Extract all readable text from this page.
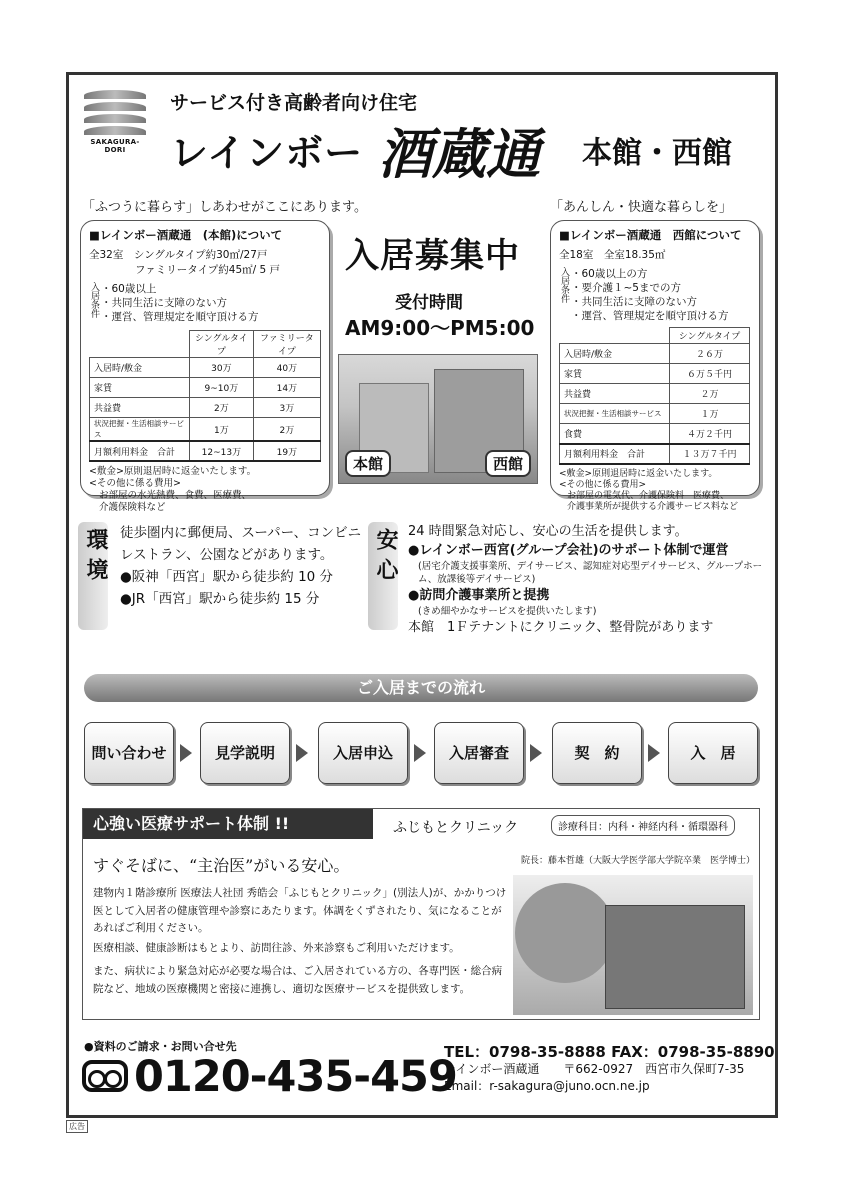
SAKAGURA-DORI
サービス付き高齢者向け住宅
レインボー 酒蔵通 本館・西館
「ふつうに暮らす」しあわせがここにあります。	「あんしん・快適な暮らしを」
■レインボー酒蔵通　(本館)について
全32室　シングルタイプ約30㎡/27戸
ファミリータイプ約45㎡/ 5 戸
入居条件 ・60歳以上
・共同生活に支障のない方
・運営、管理規定を順守頂ける方
	シングルタイプ	ファミリータイプ
入居時/敷金	30万	40万
家賃	9~10万	14万
共益費	2万	3万
状況把握・生活相談サービス	1万	2万
月額利用料金　合計	12~13万	19万
<敷金>原則退居時に返金いたします。
<その他に係る費用>
お部屋の水光熱費、食費、医療費、
介護保険料など
入居募集中
受付時間
AM9:00～PM5:00
本館	西館
■レインボー酒蔵通　西館について
全18室　全室18.35㎡
入居条件 ・60歳以上の方
・要介護１~5までの方
・共同生活に支障のない方
・運営、管理規定を順守頂ける方
	シングルタイプ
入居時/敷金	２６万
家賃	６万５千円
共益費	２万
状況把握・生活相談サービス	１万
食費	４万２千円
月額利用料金　合計	１３万７千円
<敷金>原則退居時に返金いたします。
<その他に係る費用>
お部屋の電気代、介護保険料　医療費、
介護事業所が提供する介護サービス料など
環境 徒歩圏内に郵便局、スーパー、コンビニ
レストラン、公園などがあります。
●阪神「西宮」駅から徒歩約 10 分
●JR「西宮」駅から徒歩約 15 分
安心 24 時間緊急対応し、安心の生活を提供します。
●レインボー西宮(グループ会社)のサポート体制で運営
(居宅介護支援事業所、デイサービス、認知症対応型デイサービス、グループホーム、放課後等デイサービス)
●訪問介護事業所と提携
(きめ細やかなサービスを提供いたします)
本館　1Ｆテナントにクリニック、整骨院があります
ご入居までの流れ
問い合わせ	見学説明	入居申込	入居審査	契　約	入　居
心強い医療サポート体制 !!	ふじもとクリニック	診療科目：内科・神経内科・循環器科
すぐそばに、“主治医”がいる安心。
建物内１階診療所 医療法人社団 秀皓会「ふじもとクリニック」(別法人)が、かかりつけ医として入居者の健康管理や診察にあたります。体調をくずされたり、気になることがあればご利用ください。
医療相談、健康診断はもとより、訪問往診、外来診察もご利用いただけます。
また、病状により緊急対応が必要な場合は、ご入居されている方の、各専門医・総合病院など、地域の医療機関と密接に連携し、適切な医療サービスを提供致します。
院長：藤本哲雄（大阪大学医学部大学院卒業　医学博士）
●資料のご請求・お問い合せ先
0120-435-459
TEL：0798-35-8888 FAX：0798-35-8890
レインボー酒蔵通　　〒662-0927　西宮市久保町7-35
Email：r-sakagura@juno.ocn.ne.jp
広告
